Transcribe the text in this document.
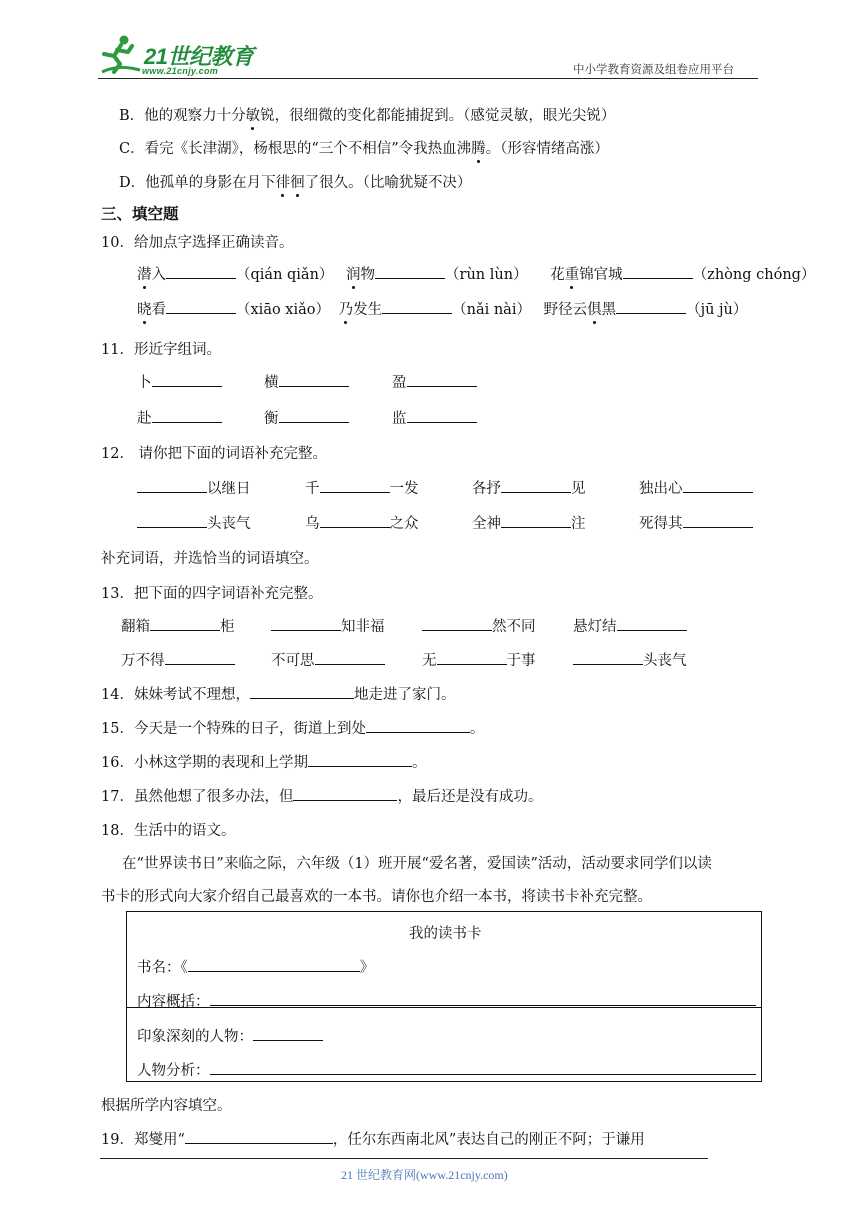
21世纪教育
www.21cnjy.com	中小学教育资源及组卷应用平台
B．他的观察力十分敏锐，很细微的变化都能捕捉到。（感觉灵敏，眼光尖锐）
C．看完《长津湖》，杨根思的“三个不相信”令我热血沸腾。（形容情绪高涨）
D．他孤单的身影在月下徘徊了很久。（比喻犹疑不决）
三、填空题
10．给加点字选择正确读音。
潜入	（qián qiǎn） 润物	（rùn lùn） 花重锦官城	（zhòng chóng）
晓看	（xiāo xiǎo） 乃发生	（nǎi nài） 野径云俱黑	（jū jù）
11．形近字组词。
卜	横	盈
赴	衡	监
12． 请你把下面的词语补充完整。
以继日	千	一发	各抒	见	独出心
头丧气	乌	之众	全神	注	死得其
补充词语，并选恰当的词语填空。
13．把下面的四字词语补充完整。
翻箱	柜	知非福	然不同	悬灯结
万不得	不可思	无	于事	头丧气
14．妹妹考试不理想，	地走进了家门。
15．今天是一个特殊的日子，街道上到处	。
16．小林这学期的表现和上学期	。
17．虽然他想了很多办法，但	，最后还是没有成功。
18．生活中的语文。
在“世界读书日”来临之际，六年级（1）班开展“爱名著，爱国读”活动，活动要求同学们以读
书卡的形式向大家介绍自己最喜欢的一本书。请你也介绍一本书，将读书卡补充完整。
我的读书卡
书名：《	》
内容概括：
印象深刻的人物：
人物分析：
根据所学内容填空。
19．郑燮用“	，任尔东西南北风”表达自己的刚正不阿；于谦用
21 世纪教育网(www.21cnjy.com)
